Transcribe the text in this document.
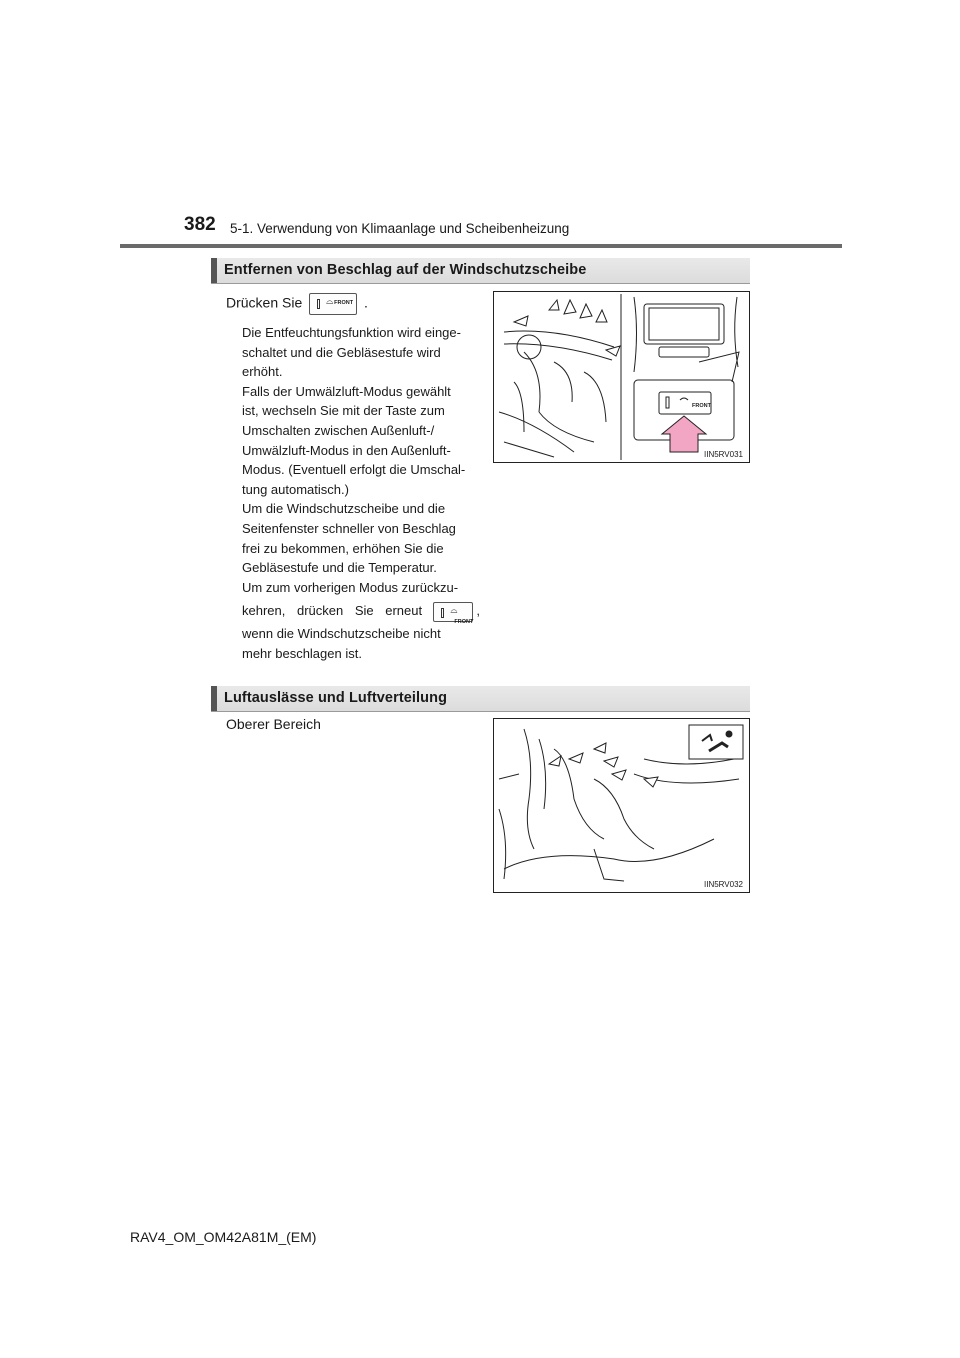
382 5-1. Verwendung von Klimaanlage und Scheibenheizung
Entfernen von Beschlag auf der Windschutzscheibe
Drücken Sie	⌓ FRONT .
Die Entfeuchtungsfunktion wird einge-
schaltet und die Gebläsestufe wird
erhöht.
Falls der Umwälzluft-Modus gewählt
ist, wechseln Sie mit der Taste zum
Umschalten zwischen Außenluft-/
Umwälzluft-Modus in den Außenluft-
Modus. (Eventuell erfolgt die Umschal-
tung automatisch.)
Um die Windschutzscheibe und die
Seitenfenster schneller von Beschlag
frei zu bekommen, erhöhen Sie die
Gebläsestufe und die Temperatur.
Um zum vorherigen Modus zurückzu-
kehren, drücken Sie erneut	⌓
FRONT
,
wenn die Windschutzscheibe nicht
mehr beschlagen ist.
FRONT
IIN5RV031
Luftauslässe und Luftverteilung
Oberer Bereich
IIN5RV032
RAV4_OM_OM42A81M_(EM)
